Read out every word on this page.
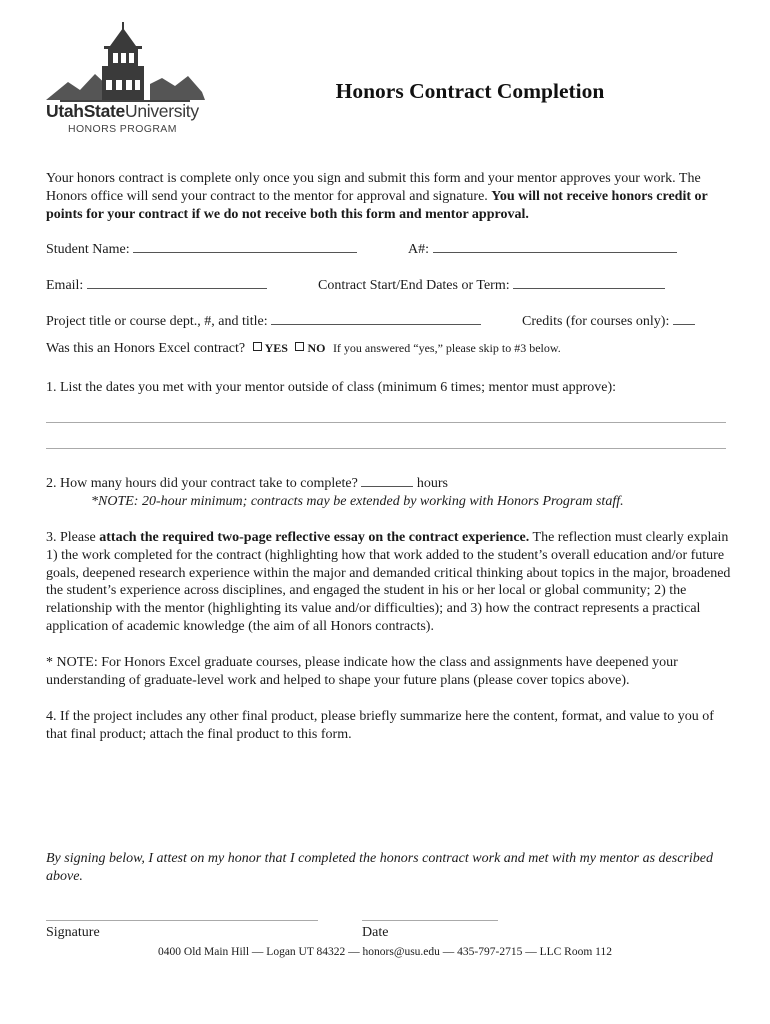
UtahStateUniversity
HONORS PROGRAM
Honors Contract Completion
Your honors contract is complete only once you sign and submit this form and your mentor approves your work. The Honors office will send your contract to the mentor for approval and signature. You will not receive honors credit or points for your contract if we do not receive both this form and mentor approval.
Student Name:	A#:
Email:	Contract Start/End Dates or Term:
Project title or course dept., #, and title:	Credits (for courses only):
Was this an Honors Excel contract? YES NO If you answered “yes,” please skip to #3 below.
1. List the dates you met with your mentor outside of class (minimum 6 times; mentor must approve):
2. How many hours did your contract take to complete?	hours
*NOTE: 20-hour minimum; contracts may be extended by working with Honors Program staff.
3. Please attach the required two-page reflective essay on the contract experience. The reflection must clearly explain 1) the work completed for the contract (highlighting how that work added to the student’s overall education and/or future goals, deepened research experience within the major and demanded critical thinking about topics in the major, broadened the student’s experience across disciplines, and engaged the student in his or her local or global community; 2) the relationship with the mentor (highlighting its value and/or difficulties); and 3) how the contract represents a practical application of academic knowledge (the aim of all Honors contracts).
* NOTE: For Honors Excel graduate courses, please indicate how the class and assignments have deepened your understanding of graduate-level work and helped to shape your future plans (please cover topics above).
4. If the project includes any other final product, please briefly summarize here the content, format, and value to you of that final product; attach the final product to this form.
By signing below, I attest on my honor that I completed the honors contract work and met with my mentor as described above.
Signature	Date
0400 Old Main Hill — Logan UT 84322 — honors@usu.edu — 435-797-2715 — LLC Room 112
